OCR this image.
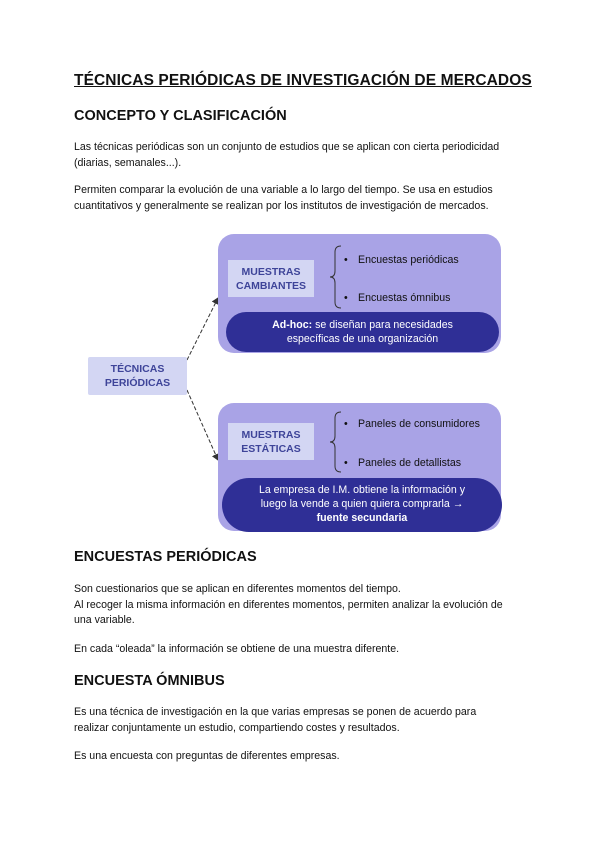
TÉCNICAS PERIÓDICAS DE INVESTIGACIÓN DE MERCADOS
CONCEPTO Y CLASIFICACIÓN
Las técnicas periódicas son un conjunto de estudios que se aplican con cierta periodicidad
(diarias, semanales...).
Permiten comparar la evolución de una variable a lo largo del tiempo. Se usa en estudios
cuantitativos y generalmente se realizan por los institutos de investigación de mercados.
TÉCNICAS
PERIÓDICAS
MUESTRAS
CAMBIANTES
• Encuestas periódicas
• Encuestas ómnibus
Ad-hoc: se diseñan para necesidades
específicas de una organización
MUESTRAS
ESTÁTICAS
• Paneles de consumidores
• Paneles de detallistas
La empresa de I.M. obtiene la información y
luego la vende a quien quiera comprarla →
fuente secundaria
ENCUESTAS PERIÓDICAS
Son cuestionarios que se aplican en diferentes momentos del tiempo.
Al recoger la misma información en diferentes momentos, permiten analizar la evolución de
una variable.
En cada “oleada” la información se obtiene de una muestra diferente.
ENCUESTA ÓMNIBUS
Es una técnica de investigación en la que varias empresas se ponen de acuerdo para
realizar conjuntamente un estudio, compartiendo costes y resultados.
Es una encuesta con preguntas de diferentes empresas.
